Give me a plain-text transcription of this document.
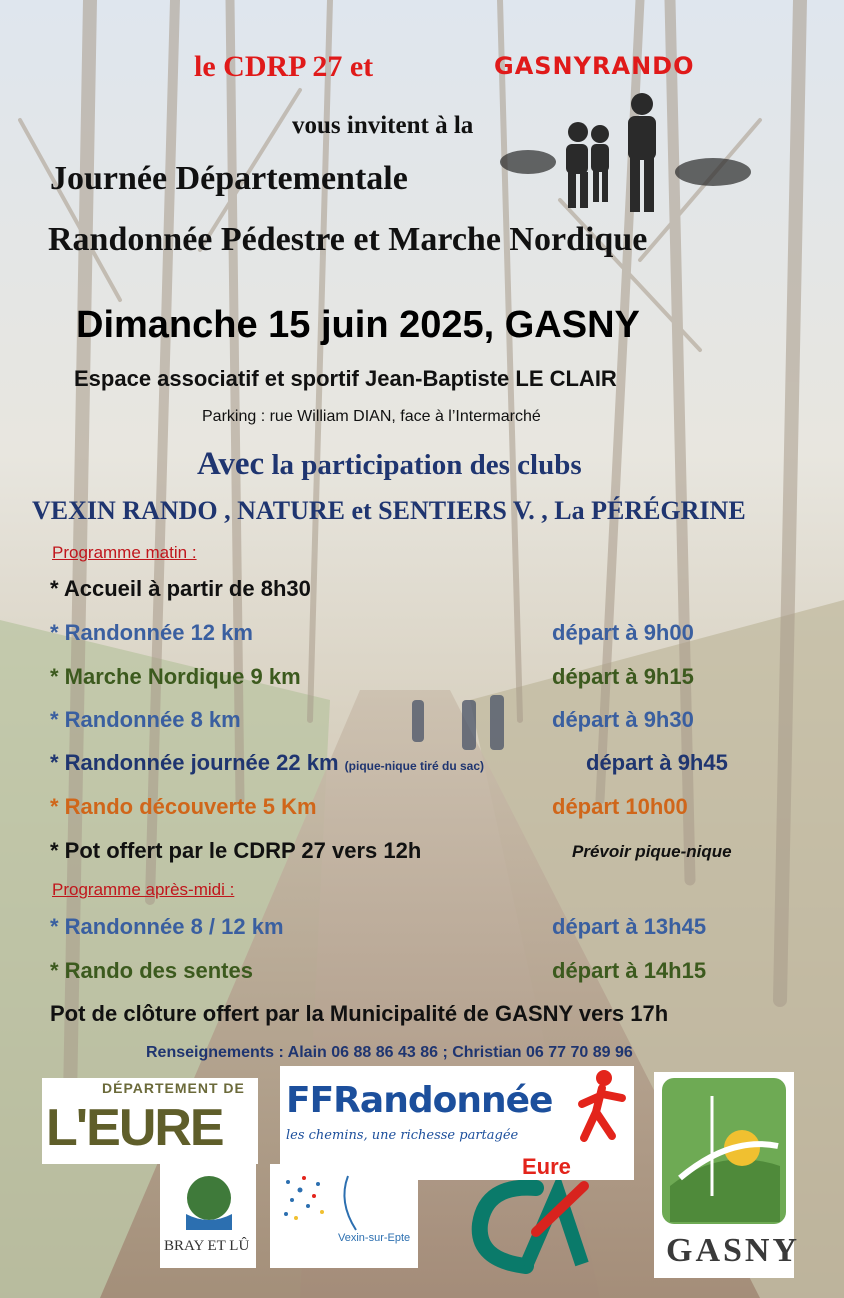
le CDRP 27 et	GASNYRANDO
vous invitent à la
Journée Départementale
Randonnée Pédestre et Marche Nordique
Dimanche 15 juin 2025, GASNY
Espace associatif et sportif Jean-Baptiste LE CLAIR
Parking : rue William DIAN, face à l’Intermarché
Avec la participation des clubs
VEXIN RANDO , NATURE et SENTIERS V. , La PÉRÉGRINE
Programme matin :
* Accueil à partir de 8h30
* Randonnée 12 km	départ à 9h00
* Marche Nordique 9 km	départ à 9h15
* Randonnée 8 km	départ à 9h30
* Randonnée journée 22 km (pique-nique tiré du sac)	départ à 9h45
* Rando découverte 5 Km	départ 10h00
* Pot offert par le CDRP 27 vers 12h	Prévoir pique-nique
Programme après-midi :
* Randonnée 8 / 12 km	départ à 13h45
* Rando des sentes	départ à 14h15
Pot de clôture offert par la Municipalité de GASNY vers 17h
Renseignements : Alain 06 88 86 43 86 ; Christian 06 77 70 89 96
DÉPARTEMENT DE
L'EURE FFRandonnée
les chemins, une richesse partagée
Eure
GASNY
BRAY ET LÛ	Vexin-sur-Epte
